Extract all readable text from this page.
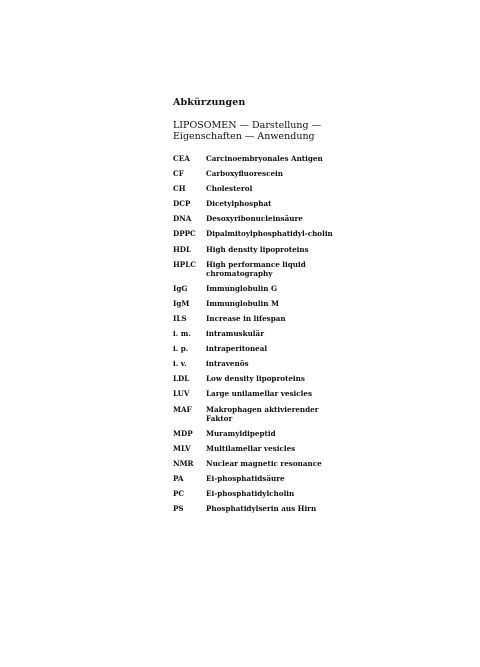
Abkürzungen
LIPOSOMEN — Darstellung —
Eigenschaften — Anwendung
CEA	Carcinoembryonales Antigen
CF	Carboxyfluorescein
CH	Cholesterol
DCP	Dicetylphosphat
DNA	Desoxyribonucleinsäure
DPPC	Dipalmitoylphosphatidyl-cholin
HDL	High density lipoproteins
HPLC	High performance liquid chromatography
IgG	Immunglobulin G
IgM	Immunglobulin M
ILS	Increase in lifespan
i. m.	intramuskulär
i. p.	intraperitoneal
i. v.	intravenös
LDL	Low density lipoproteins
LUV	Large unilamellar vesicles
MAF	Makrophagen aktivierender Faktor
MDP	Muramyldipeptid
MLV	Multilamellar vesicles
NMR	Nuclear magnetic resonance
PA	Ei-phosphatidsäure
PC	Ei-phosphatidylcholin
PS	Phosphatidylserin aus Hirn
